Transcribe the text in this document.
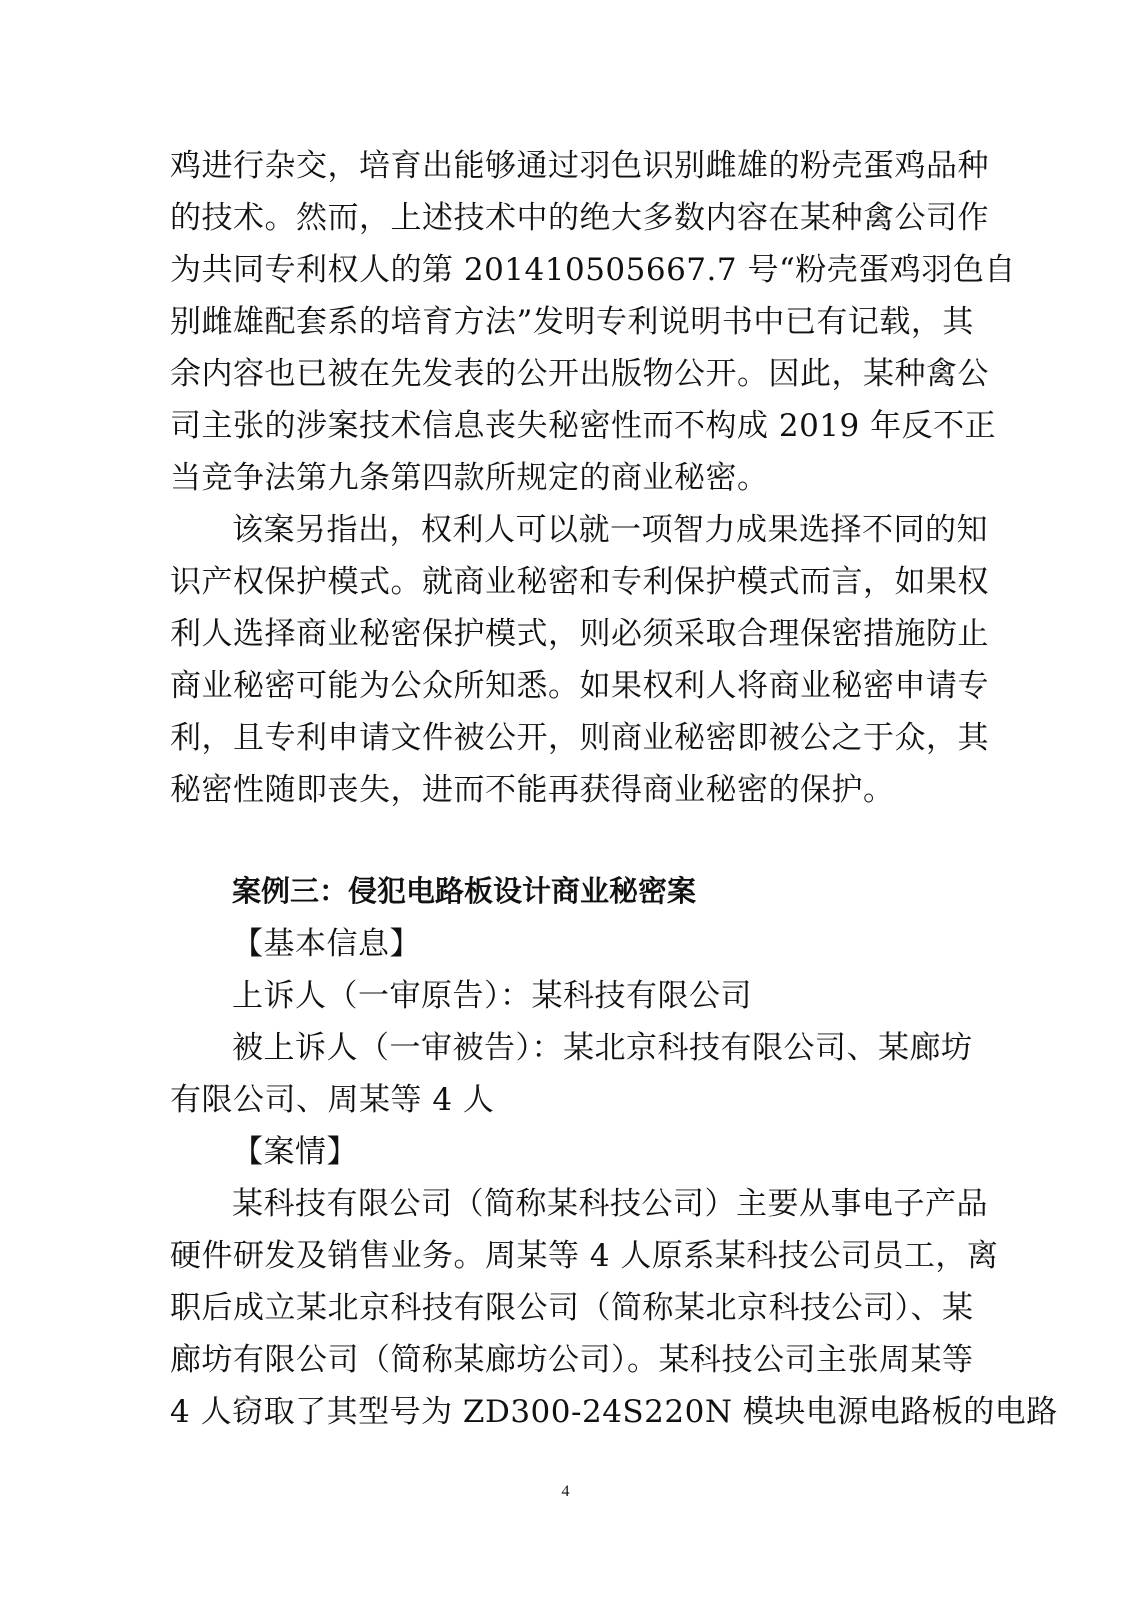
鸡进行杂交，培育出能够通过羽色识别雌雄的粉壳蛋鸡品种
的技术。然而，上述技术中的绝大多数内容在某种禽公司作
为共同专利权人的第 201410505667.7 号“粉壳蛋鸡羽色自
别雌雄配套系的培育方法”发明专利说明书中已有记载，其
余内容也已被在先发表的公开出版物公开。因此，某种禽公
司主张的涉案技术信息丧失秘密性而不构成 2019 年反不正
当竞争法第九条第四款所规定的商业秘密。
该案另指出，权利人可以就一项智力成果选择不同的知
识产权保护模式。就商业秘密和专利保护模式而言，如果权
利人选择商业秘密保护模式，则必须采取合理保密措施防止
商业秘密可能为公众所知悉。如果权利人将商业秘密申请专
利，且专利申请文件被公开，则商业秘密即被公之于众，其
秘密性随即丧失，进而不能再获得商业秘密的保护。
案例三：侵犯电路板设计商业秘密案
【基本信息】
上诉人（一审原告）：某科技有限公司
被上诉人（一审被告）：某北京科技有限公司、某廊坊
有限公司、周某等 4 人
【案情】
某科技有限公司（简称某科技公司）主要从事电子产品
硬件研发及销售业务。周某等 4 人原系某科技公司员工，离
职后成立某北京科技有限公司（简称某北京科技公司）、某
廊坊有限公司（简称某廊坊公司）。某科技公司主张周某等
4 人窃取了其型号为 ZD300-24S220N 模块电源电路板的电路
4
